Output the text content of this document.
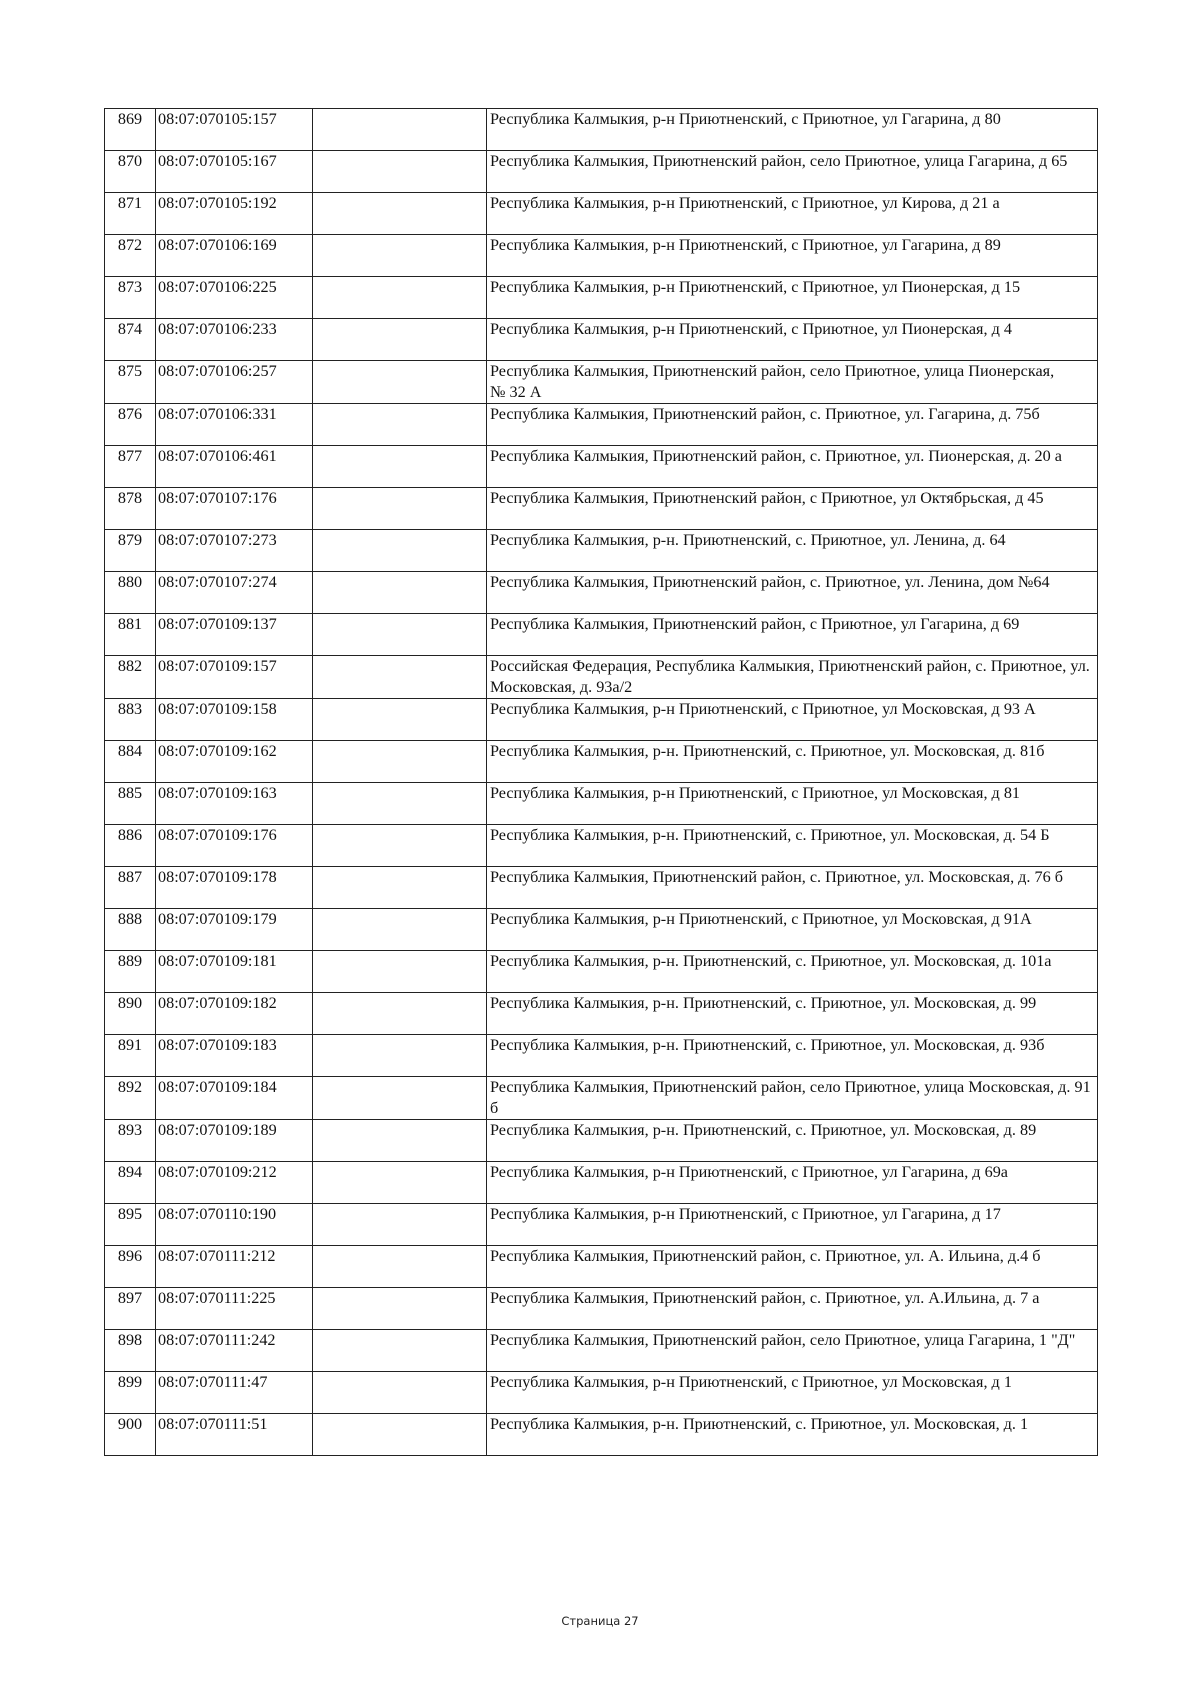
869	08:07:070105:157		Республика Калмыкия, р-н Приютненский, с Приютное, ул Гагарина, д 80
870	08:07:070105:167		Республика Калмыкия, Приютненский район, село Приютное, улица Гагарина, д 65
871	08:07:070105:192		Республика Калмыкия, р-н Приютненский, с Приютное, ул Кирова, д 21 а
872	08:07:070106:169		Республика Калмыкия, р-н Приютненский, с Приютное, ул Гагарина, д 89
873	08:07:070106:225		Республика Калмыкия, р-н Приютненский, с Приютное, ул Пионерская, д 15
874	08:07:070106:233		Республика Калмыкия, р-н Приютненский, с Приютное, ул Пионерская, д 4
875	08:07:070106:257		Республика Калмыкия, Приютненский район, село Приютное, улица Пионерская,
№ 32 А
876	08:07:070106:331		Республика Калмыкия, Приютненский район, с. Приютное, ул. Гагарина, д. 75б
877	08:07:070106:461		Республика Калмыкия, Приютненский район, с. Приютное, ул. Пионерская, д. 20 а
878	08:07:070107:176		Республика Калмыкия, Приютненский район, с Приютное, ул Октябрьская, д 45
879	08:07:070107:273		Республика Калмыкия, р-н. Приютненский, с. Приютное, ул. Ленина, д. 64
880	08:07:070107:274		Республика Калмыкия, Приютненский район, с. Приютное, ул. Ленина, дом №64
881	08:07:070109:137		Республика Калмыкия, Приютненский район, с Приютное, ул Гагарина, д 69
882	08:07:070109:157		Российская Федерация, Республика Калмыкия, Приютненский район, с. Приютное, ул. Московская, д. 93а/2
883	08:07:070109:158		Республика Калмыкия, р-н Приютненский, с Приютное, ул Московская, д 93 А
884	08:07:070109:162		Республика Калмыкия, р-н. Приютненский, с. Приютное, ул. Московская, д. 81б
885	08:07:070109:163		Республика Калмыкия, р-н Приютненский, с Приютное, ул Московская, д 81
886	08:07:070109:176		Республика Калмыкия, р-н. Приютненский, с. Приютное, ул. Московская, д. 54 Б
887	08:07:070109:178		Республика Калмыкия, Приютненский район, с. Приютное, ул. Московская, д. 76 б
888	08:07:070109:179		Республика Калмыкия, р-н Приютненский, с Приютное, ул Московская, д 91А
889	08:07:070109:181		Республика Калмыкия, р-н. Приютненский, с. Приютное, ул. Московская, д. 101а
890	08:07:070109:182		Республика Калмыкия, р-н. Приютненский, с. Приютное, ул. Московская, д. 99
891	08:07:070109:183		Республика Калмыкия, р-н. Приютненский, с. Приютное, ул. Московская, д. 93б
892	08:07:070109:184		Республика Калмыкия, Приютненский район, село Приютное, улица Московская, д. 91 б
893	08:07:070109:189		Республика Калмыкия, р-н. Приютненский, с. Приютное, ул. Московская, д. 89
894	08:07:070109:212		Республика Калмыкия, р-н Приютненский, с Приютное, ул Гагарина, д 69а
895	08:07:070110:190		Республика Калмыкия, р-н Приютненский, с Приютное, ул Гагарина, д 17
896	08:07:070111:212		Республика Калмыкия, Приютненский район, с. Приютное, ул. А. Ильина, д.4 б
897	08:07:070111:225		Республика Калмыкия, Приютненский район, с. Приютное, ул. А.Ильина, д. 7 а
898	08:07:070111:242		Республика Калмыкия, Приютненский район, село Приютное, улица Гагарина, 1 "Д"
899	08:07:070111:47		Республика Калмыкия, р-н Приютненский, с Приютное, ул Московская, д 1
900	08:07:070111:51		Республика Калмыкия, р-н. Приютненский, с. Приютное, ул. Московская, д. 1
Страница 27
